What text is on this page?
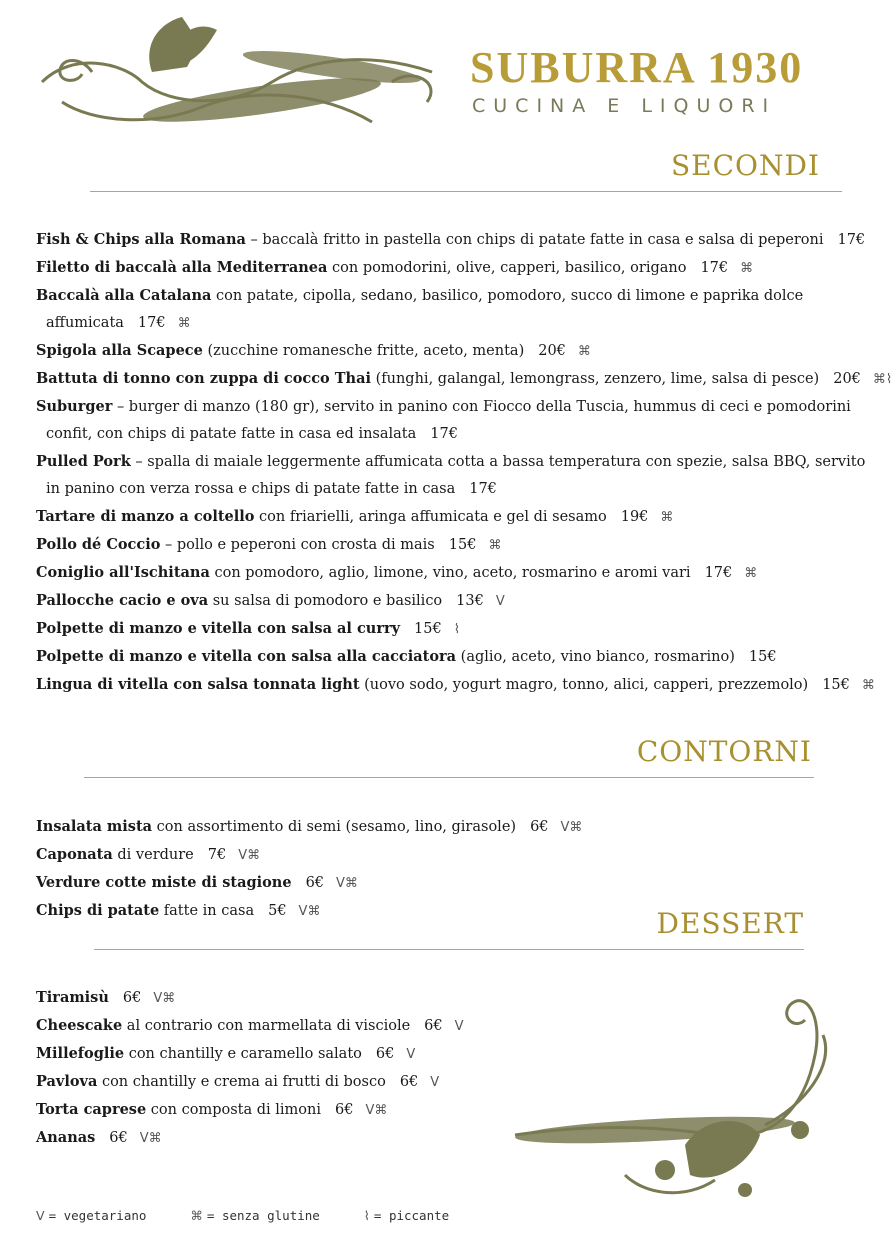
SUBURRA 1930
CUCINA E LIQUORI
SECONDI
Fish & Chips alla Romana – baccalà fritto in pastella con chips di patate fatte in casa e salsa di peperoni 17€
Filetto di baccalà alla Mediterranea con pomodorini, olive, capperi, basilico, origano 17€ ⌘
Baccalà alla Catalana con patate, cipolla, sedano, basilico, pomodoro, succo di limone e paprika dolce affumicata 17€ ⌘
Spigola alla Scapece (zucchine romanesche fritte, aceto, menta) 20€ ⌘
Battuta di tonno con zuppa di cocco Thai (funghi, galangal, lemongrass, zenzero, lime, salsa di pesce) 20€ ⌘⌇
Suburger – burger di manzo (180 gr), servito in panino con Fiocco della Tuscia, hummus di ceci e pomodorini confit, con chips di patate fatte in casa ed insalata 17€
Pulled Pork – spalla di maiale leggermente affumicata cotta a bassa temperatura con spezie, salsa BBQ, servito in panino con verza rossa e chips di patate fatte in casa 17€
Tartare di manzo a coltello con friarielli, aringa affumicata e gel di sesamo 19€ ⌘
Pollo dé Coccio – pollo e peperoni con crosta di mais 15€ ⌘
Coniglio all'Ischitana con pomodoro, aglio, limone, vino, aceto, rosmarino e aromi vari 17€ ⌘
Pallocche cacio e ova su salsa di pomodoro e basilico 13€ V
Polpette di manzo e vitella con salsa al curry 15€ ⌇
Polpette di manzo e vitella con salsa alla cacciatora (aglio, aceto, vino bianco, rosmarino) 15€
Lingua di vitella con salsa tonnata light (uovo sodo, yogurt magro, tonno, alici, capperi, prezzemolo) 15€ ⌘
CONTORNI
Insalata mista con assortimento di semi (sesamo, lino, girasole) 6€ V⌘
Caponata di verdure 7€ V⌘
Verdure cotte miste di stagione 6€ V⌘
Chips di patate fatte in casa 5€ V⌘	DESSERT
Tiramisù 6€ V⌘
Cheescake al contrario con marmellata di visciole 6€ V
Millefoglie con chantilly e caramello salato 6€ V
Pavlova con chantilly e crema ai frutti di bosco 6€ V
Torta caprese con composta di limoni 6€ V⌘
Ananas 6€ V⌘
V = vegetariano	⌘ = senza glutine	⌇ = piccante
